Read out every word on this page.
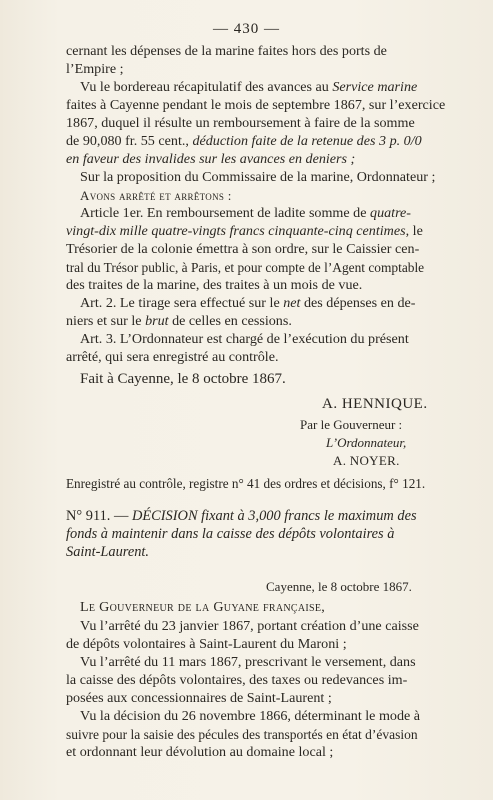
— 430 —
cernant les dépenses de la marine faites hors des ports de
l’Empire ;
Vu le bordereau récapitulatif des avances au Service marine
faites à Cayenne pendant le mois de septembre 1867, sur l’exercice
1867, duquel il résulte un remboursement à faire de la somme
de 90,080 fr. 55 cent., déduction faite de la retenue des 3 p. 0/0
en faveur des invalides sur les avances en deniers ;
Sur la proposition du Commissaire de la marine, Ordonnateur ;
Avons arrêté et arrêtons :
Article 1er. En remboursement de ladite somme de quatre-
vingt-dix mille quatre-vingts francs cinquante-cinq centimes, le
Trésorier de la colonie émettra à son ordre, sur le Caissier cen-
tral du Trésor public, à Paris, et pour compte de l’Agent comptable
des traites de la marine, des traites à un mois de vue.
Art. 2. Le tirage sera effectué sur le net des dépenses en de-
niers et sur le brut de celles en cessions.
Art. 3. L’Ordonnateur est chargé de l’exécution du présent
arrêté, qui sera enregistré au contrôle.
Fait à Cayenne, le 8 octobre 1867.
A. HENNIQUE.
Par le Gouverneur :
L’Ordonnateur,
A. NOYER.
Enregistré au contrôle, registre n° 41 des ordres et décisions, f° 121.
N° 911. — DÉCISION fixant à 3,000 francs le maximum des
fonds à maintenir dans la caisse des dépôts volontaires à
Saint-Laurent.
Cayenne, le 8 octobre 1867.
Le Gouverneur de la Guyane française,
Vu l’arrêté du 23 janvier 1867, portant création d’une caisse
de dépôts volontaires à Saint-Laurent du Maroni ;
Vu l’arrêté du 11 mars 1867, prescrivant le versement, dans
la caisse des dépôts volontaires, des taxes ou redevances im-
posées aux concessionnaires de Saint-Laurent ;
Vu la décision du 26 novembre 1866, déterminant le mode à
suivre pour la saisie des pécules des transportés en état d’évasion
et ordonnant leur dévolution au domaine local ;
